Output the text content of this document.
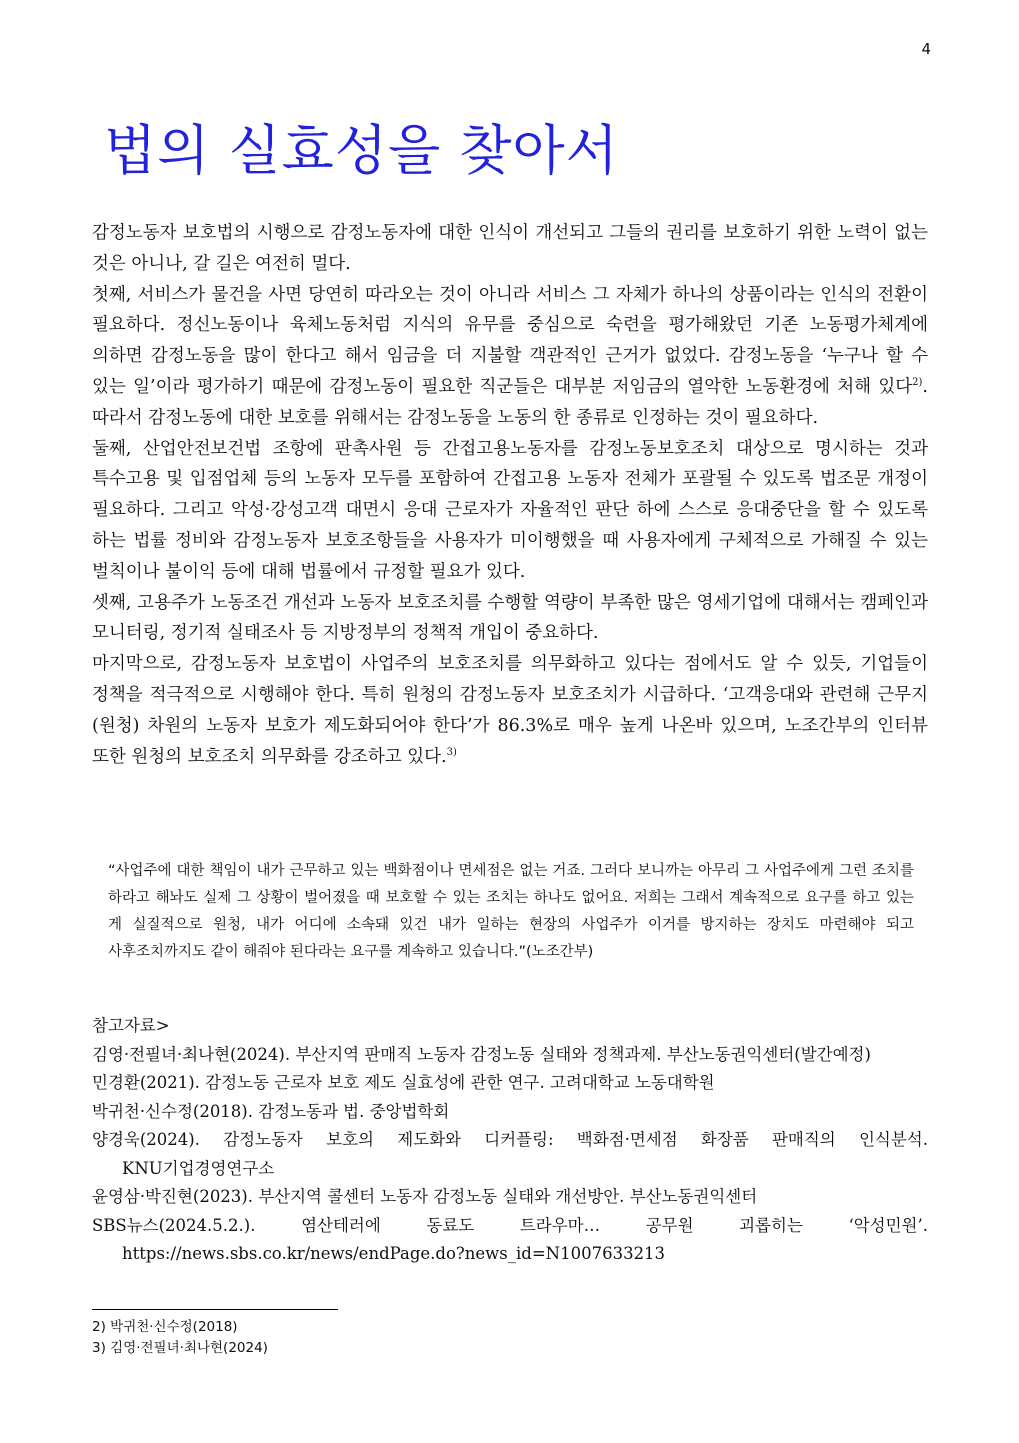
4
법의 실효성을 찾아서

감정노동자 보호법의 시행으로 감정노동자에 대한 인식이 개선되고 그들의 권리를 보호하기 위한 노력이 없는 것은 아니나, 갈 길은 여전히 멀다.

첫째, 서비스가 물건을 사면 당연히 따라오는 것이 아니라 서비스 그 자체가 하나의 상품이라는 인식의 전환이 필요하다. 정신노동이나 육체노동처럼 지식의 유무를 중심으로 숙련을 평가해왔던 기존 노동평가체계에 의하면 감정노동을 많이 한다고 해서 임금을 더 지불할 객관적인 근거가 없었다. 감정노동을 ‘누구나 할 수 있는 일’이라 평가하기 때문에 감정노동이 필요한 직군들은 대부분 저임금의 열악한 노동환경에 처해 있다$^{2)}$. 따라서 감정노동에 대한 보호를 위해서는 감정노동을 노동의 한 종류로 인정하는 것이 필요하다.

둘째, 산업안전보건법 조항에 판촉사원 등 간접고용노동자를 감정노동보호조치 대상으로 명시하는 것과 특수고용 및 입점업체 등의 노동자 모두를 포함하여 간접고용 노동자 전체가 포괄될 수 있도록 법조문 개정이 필요하다. 그리고 악성·강성고객 대면시 응대 근로자가 자율적인 판단 하에 스스로 응대중단을 할 수 있도록 하는 법률 정비와 감정노동자 보호조항들을 사용자가 미이행했을 때 사용자에게 구체적으로 가해질 수 있는 벌칙이나 불이익 등에 대해 법률에서 규정할 필요가 있다.

셋째, 고용주가 노동조건 개선과 노동자 보호조치를 수행할 역량이 부족한 많은 영세기업에 대해서는 캠페인과 모니터링, 정기적 실태조사 등 지방정부의 정책적 개입이 중요하다.

마지막으로, 감정노동자 보호법이 사업주의 보호조치를 의무화하고 있다는 점에서도 알 수 있듯, 기업들이 정책을 적극적으로 시행해야 한다. 특히 원청의 감정노동자 보호조치가 시급하다. ‘고객응대와 관련해 근무지(원청) 차원의 노동자 보호가 제도화되어야 한다’가 86.3%로 매우 높게 나온바 있으며, 노조간부의 인터뷰 또한 원청의 보호조치 의무화를 강조하고 있다.$^{3)}$

“사업주에 대한 책임이 내가 근무하고 있는 백화점이나 면세점은 없는 거죠. 그러다 보니까는 아무리 그 사업주에게 그런 조치를 하라고 해놔도 실제 그 상황이 벌어졌을 때 보호할 수 있는 조치는 하나도 없어요. 저희는 그래서 계속적으로 요구를 하고 있는 게 실질적으로 원청, 내가 어디에 소속돼 있건 내가 일하는 현장의 사업주가 이거를 방지하는 장치도 마련해야 되고 사후조치까지도 같이 해줘야 된다라는 요구를 계속하고 있습니다.”(노조간부)

참고자료>

김영·전필녀·최나현(2024). 부산지역 판매직 노동자 감정노동 실태와 정책과제. 부산노동권익센터(발간예정)

민경환(2021). 감정노동 근로자 보호 제도 실효성에 관한 연구. 고려대학교 노동대학원

박귀천·신수정(2018). 감정노동과 법. 중앙법학회

양경욱(2024). 감정노동자 보호의 제도화와 디커플링: 백화점·면세점 화장품 판매직의 인식분석. KNU기업경영연구소

윤영삼·박진현(2023). 부산지역 콜센터 노동자 감정노동 실태와 개선방안. 부산노동권익센터

SBS뉴스(2024.5.2.). 염산테러에 동료도 트라우마… 공무원 괴롭히는 ‘악성민원’.

https://news.sbs.co.kr/news/endPage.do?news_id=N1007633213

2) 박귀천·신수정(2018)
3) 김영·전필녀·최나현(2024)
